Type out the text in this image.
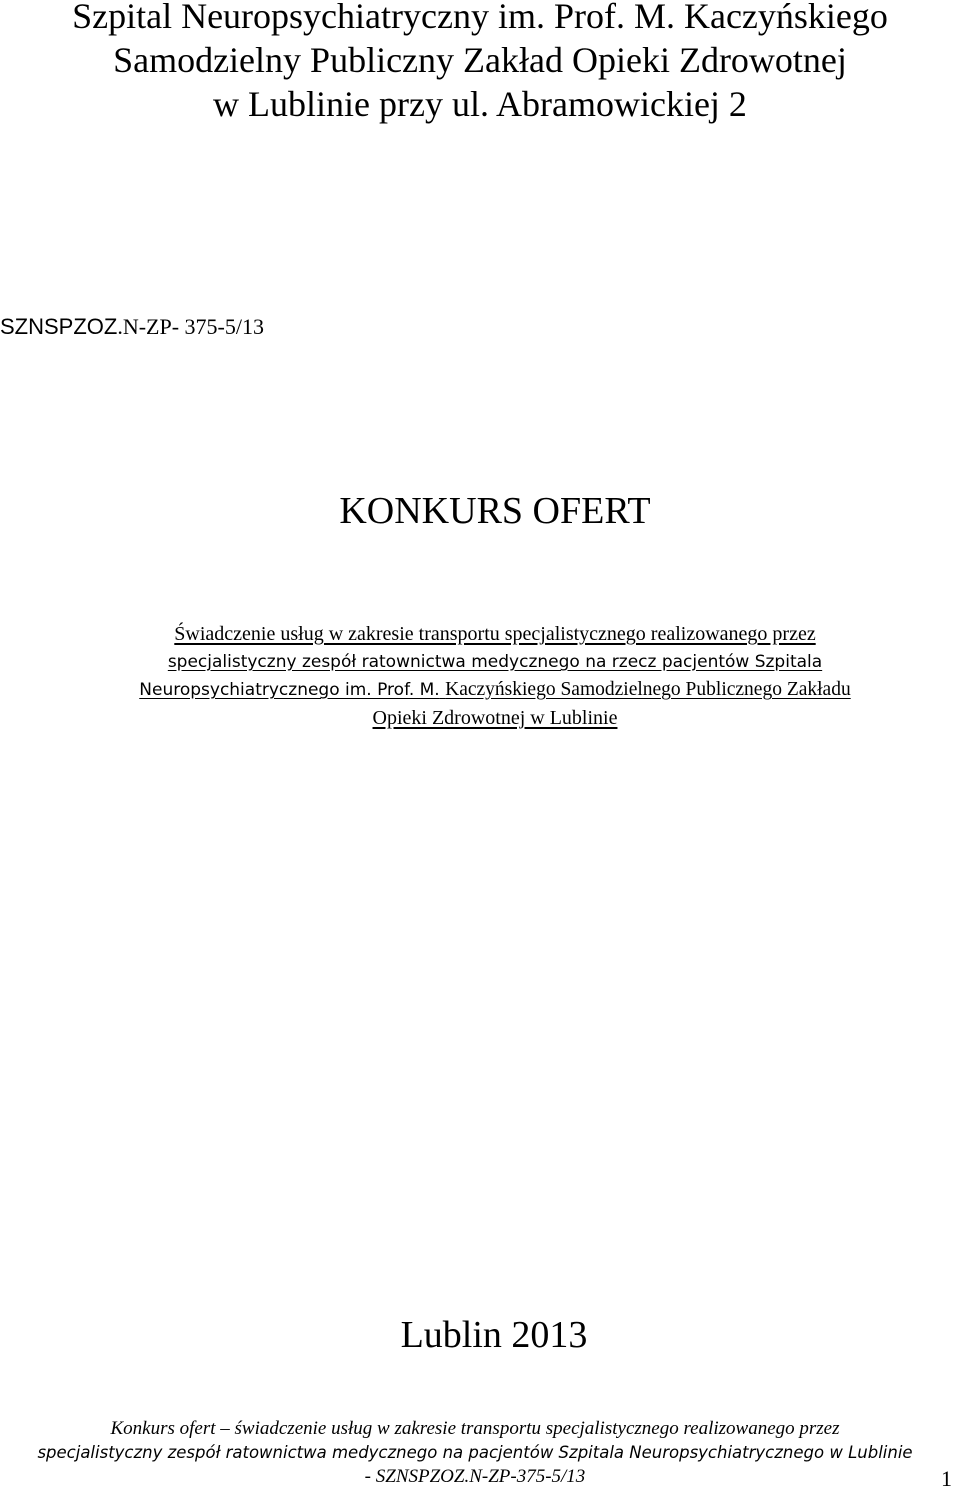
Szpital Neuropsychiatryczny im. Prof. M. Kaczyńskiego
Samodzielny Publiczny Zakład Opieki Zdrowotnej
w Lublinie przy ul. Abramowickiej 2
SZNSPZOZ.N-ZP- 375-5/13
KONKURS OFERT
Świadczenie usług w zakresie transportu specjalistycznego realizowanego przez
specjalistyczny zespół ratownictwa medycznego na rzecz pacjentów Szpitala
Neuropsychiatrycznego im. Prof. M. Kaczyńskiego Samodzielnego Publicznego Zakładu
Opieki Zdrowotnej w Lublinie
Lublin 2013
Konkurs ofert – świadczenie usług w zakresie transportu specjalistycznego realizowanego przez
specjalistyczny zespół ratownictwa medycznego na pacjentów Szpitala Neuropsychiatrycznego w Lublinie
- SZNSPZOZ.N-ZP-375-5/13	1
